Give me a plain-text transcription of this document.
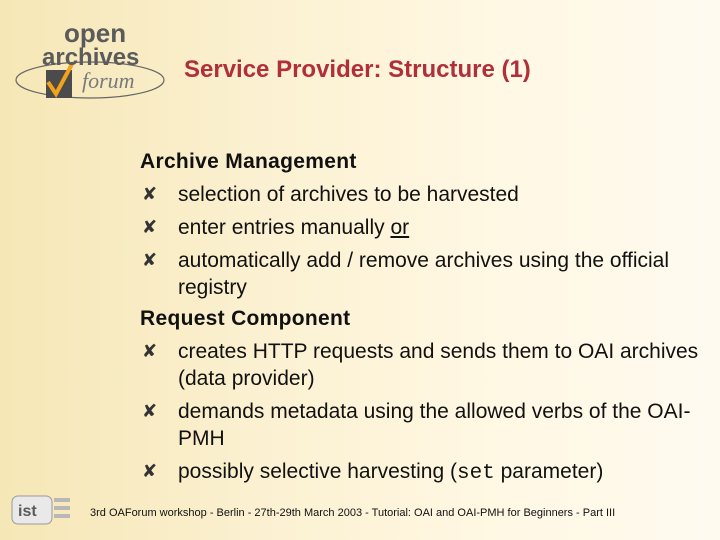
open
archives
forum Service Provider: Structure (1)
Archive Management
✘ selection of archives to be harvested
✘ enter entries manually or
✘ automatically add / remove archives using the official registry
Request Component
✘ creates HTTP requests and sends them to OAI archives (data provider)
✘ demands metadata using the allowed verbs of the OAI-PMH
✘ possibly selective harvesting (set parameter)
ist	3rd OAForum workshop - Berlin - 27th-29th March 2003 - Tutorial: OAI and OAI-PMH for Beginners - Part III
